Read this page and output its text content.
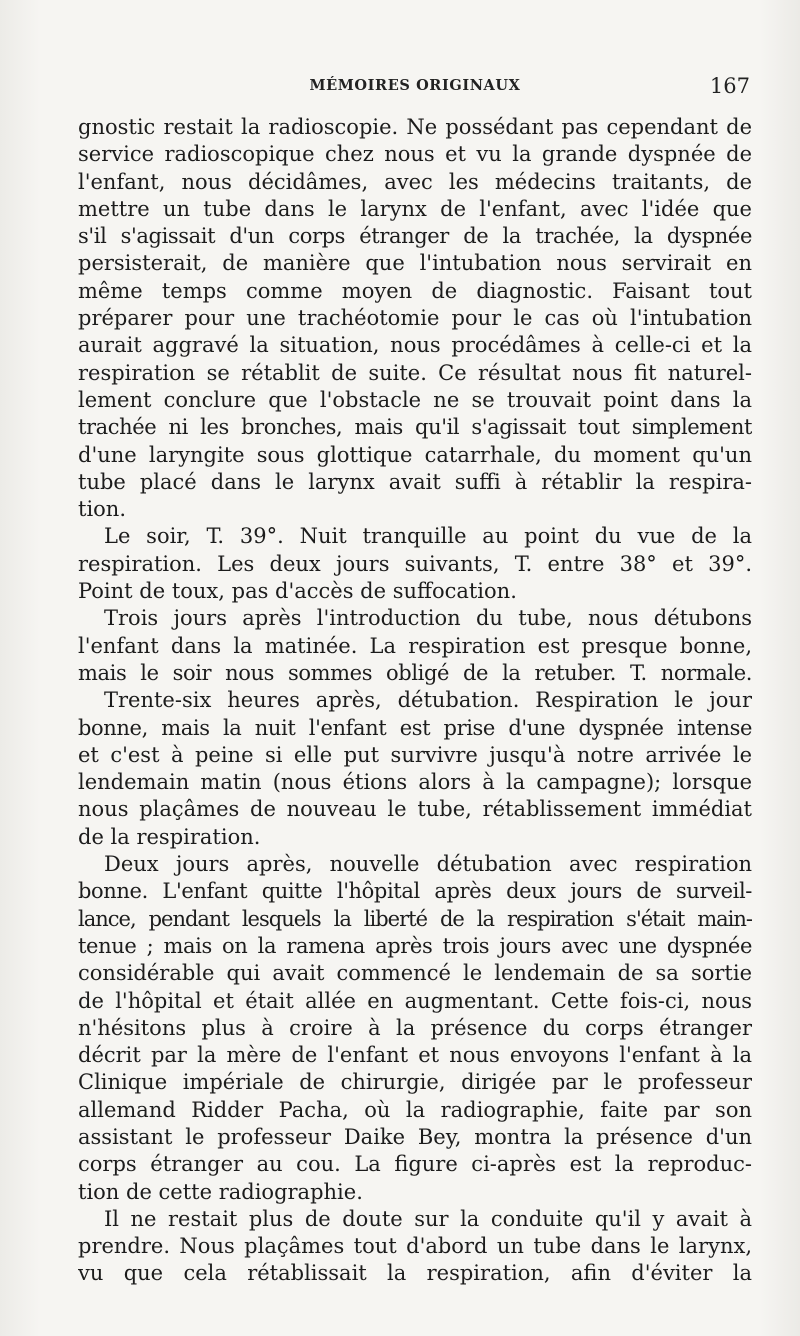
MÉMOIRES ORIGINAUX	167
gnostic restait la radioscopie. Ne possédant pas cependant de
service radioscopique chez nous et vu la grande dyspnée de
l'enfant, nous décidâmes, avec les médecins traitants, de
mettre un tube dans le larynx de l'enfant, avec l'idée que
s'il s'agissait d'un corps étranger de la trachée, la dyspnée
persisterait, de manière que l'intubation nous servirait en
même temps comme moyen de diagnostic. Faisant tout
préparer pour une trachéotomie pour le cas où l'intubation
aurait aggravé la situation, nous procédâmes à celle-ci et la
respiration se rétablit de suite. Ce résultat nous fit naturel-
lement conclure que l'obstacle ne se trouvait point dans la
trachée ni les bronches, mais qu'il s'agissait tout simplement
d'une laryngite sous glottique catarrhale, du moment qu'un
tube placé dans le larynx avait suffi à rétablir la respira-
tion.
Le soir, T. 39°. Nuit tranquille au point du vue de la
respiration. Les deux jours suivants, T. entre 38° et 39°.
Point de toux, pas d'accès de suffocation.
Trois jours après l'introduction du tube, nous détubons
l'enfant dans la matinée. La respiration est presque bonne,
mais le soir nous sommes obligé de la retuber. T. normale.
Trente-six heures après, détubation. Respiration le jour
bonne, mais la nuit l'enfant est prise d'une dyspnée intense
et c'est à peine si elle put survivre jusqu'à notre arrivée le
lendemain matin (nous étions alors à la campagne); lorsque
nous plaçâmes de nouveau le tube, rétablissement immédiat
de la respiration.
Deux jours après, nouvelle détubation avec respiration
bonne. L'enfant quitte l'hôpital après deux jours de surveil-
lance, pendant lesquels la liberté de la respiration s'était main-
tenue ; mais on la ramena après trois jours avec une dyspnée
considérable qui avait commencé le lendemain de sa sortie
de l'hôpital et était allée en augmentant. Cette fois-ci, nous
n'hésitons plus à croire à la présence du corps étranger
décrit par la mère de l'enfant et nous envoyons l'enfant à la
Clinique impériale de chirurgie, dirigée par le professeur
allemand Ridder Pacha, où la radiographie, faite par son
assistant le professeur Daike Bey, montra la présence d'un
corps étranger au cou. La figure ci-après est la reproduc-
tion de cette radiographie.
Il ne restait plus de doute sur la conduite qu'il y avait à
prendre. Nous plaçâmes tout d'abord un tube dans le larynx,
vu que cela rétablissait la respiration, afin d'éviter la
